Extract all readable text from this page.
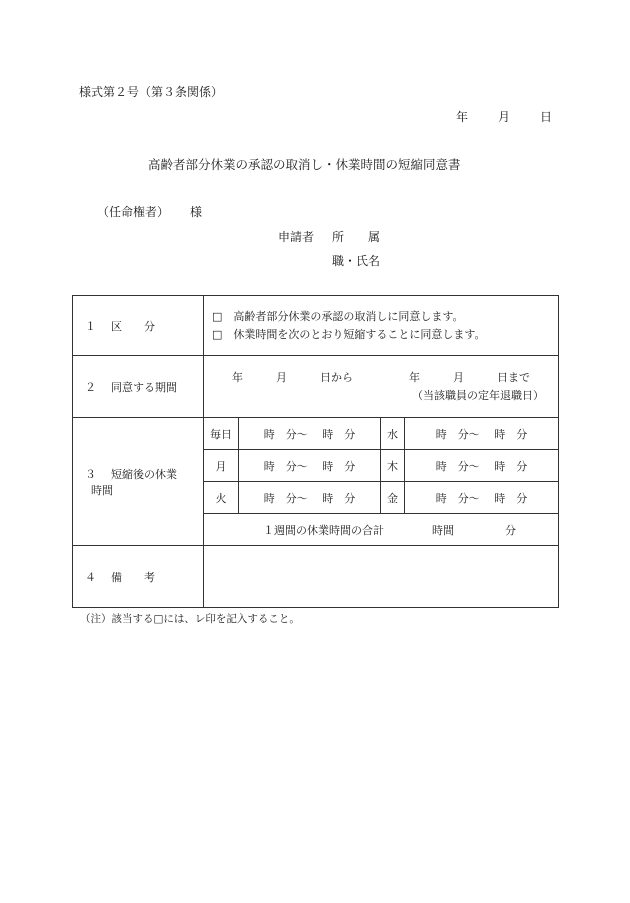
様式第２号（第３条関係）
年 月 日
高齢者部分休業の承認の取消し・休業時間の短縮同意書
（任命権者） 様
申請者 所　　属
職・氏名
１ 区　　分	□　高齢者部分休業の承認の取消しに同意します。
□　休業時間を次のとおり短縮することに同意します。			

２ 同意する期間	年　　　月　　　日から 年　　　月　　　日まで
（当該職員の定年退職日）			

３ 短縮後の休業
時間	毎日	時　分～　 時　分	水	時　分～　 時　分
	月	時　分～　 時　分	木	時　分～　 時　分
	火	時　分～　 時　分	金	時　分～　 時　分
	１週間の休業時間の合計 時間 分			
４ 備　　考				
（注）該当する□には、レ印を記入すること。
